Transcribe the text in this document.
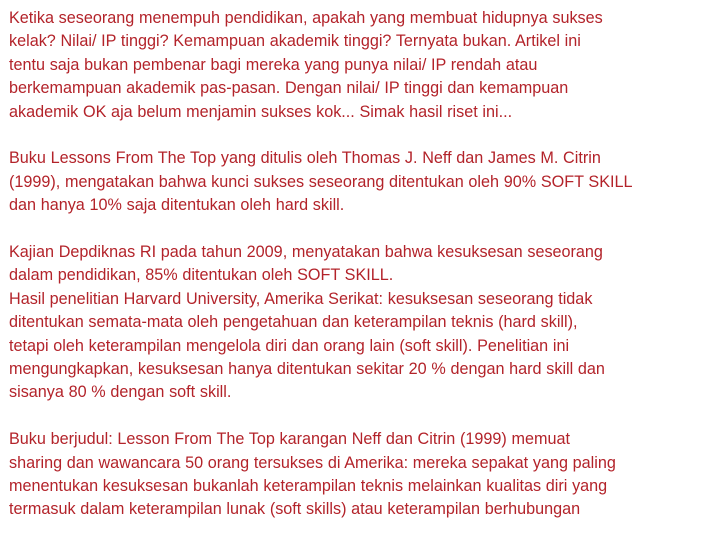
Ketika seseorang menempuh pendidikan, apakah yang membuat hidupnya sukses
kelak? Nilai/ IP tinggi? Kemampuan akademik tinggi? Ternyata bukan. Artikel ini
tentu saja bukan pembenar bagi mereka yang punya nilai/ IP rendah atau
berkemampuan akademik pas-pasan. Dengan nilai/ IP tinggi dan kemampuan
akademik OK aja belum menjamin sukses kok... Simak hasil riset ini...
Buku Lessons From The Top yang ditulis oleh Thomas J. Neff dan James M. Citrin
(1999), mengatakan bahwa kunci sukses seseorang ditentukan oleh 90% SOFT SKILL
dan hanya 10% saja ditentukan oleh hard skill.
Kajian Depdiknas RI pada tahun 2009, menyatakan bahwa kesuksesan seseorang
dalam pendidikan, 85% ditentukan oleh SOFT SKILL.
Hasil penelitian Harvard University, Amerika Serikat: kesuksesan seseorang tidak
ditentukan semata-mata oleh pengetahuan dan keterampilan teknis (hard skill),
tetapi oleh keterampilan mengelola diri dan orang lain (soft skill). Penelitian ini
mengungkapkan, kesuksesan hanya ditentukan sekitar 20 % dengan hard skill dan
sisanya 80 % dengan soft skill.
Buku berjudul: Lesson From The Top karangan Neff dan Citrin (1999) memuat
sharing dan wawancara 50 orang tersukses di Amerika: mereka sepakat yang paling
menentukan kesuksesan bukanlah keterampilan teknis melainkan kualitas diri yang
termasuk dalam keterampilan lunak (soft skills) atau keterampilan berhubungan
